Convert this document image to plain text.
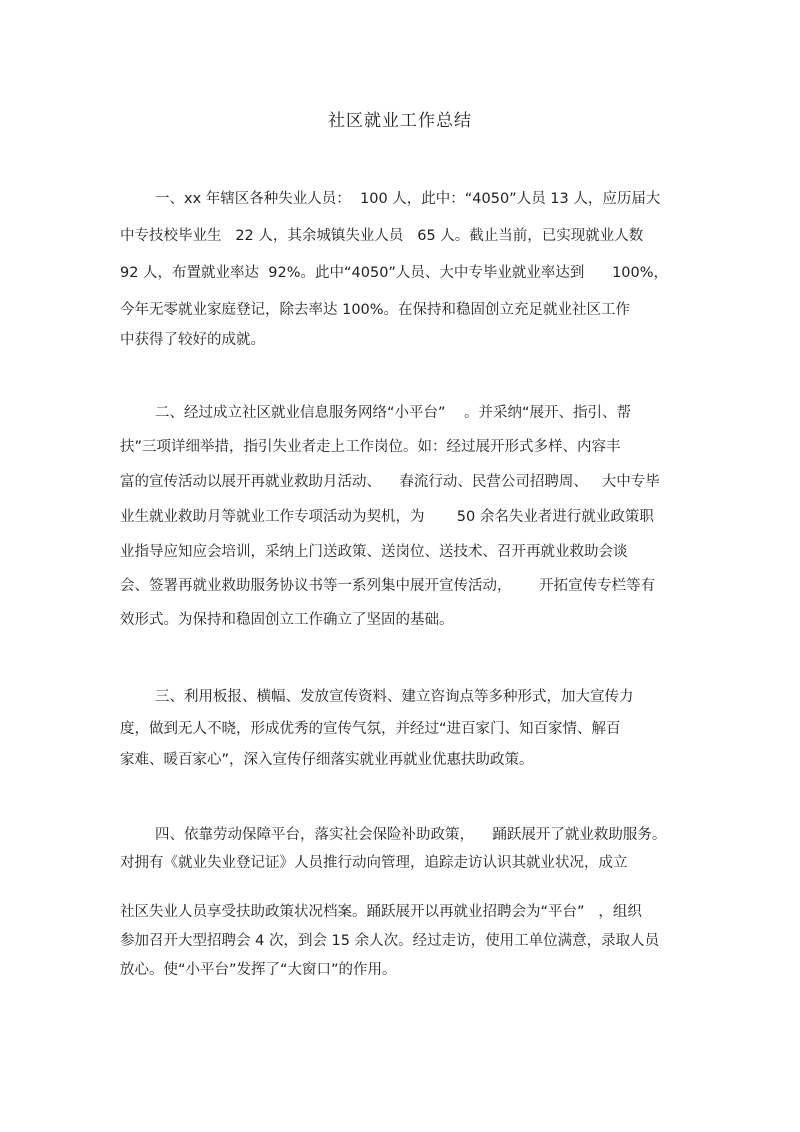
社区就业工作总结
一、xx 年辖区各种失业人员：  100 人，此中：“4050”人员 13 人，应历届大
中专技校毕业生   22 人，其余城镇失业人员   65 人。截止当前，已实现就业人数
92 人，布置就业率达  92%。此中“4050”人员、大中专毕业就业率达到      100%，
今年无零就业家庭登记，除去率达 100%。在保持和稳固创立充足就业社区工作
中获得了较好的成就。
二、经过成立社区就业信息服务网络“小平台”    。并采纳“展开、指引、帮
扶”三项详细举措，指引失业者走上工作岗位。如：经过展开形式多样、内容丰
富的宣传活动以展开再就业救助月活动、    春流行动、民营公司招聘周、   大中专毕
业生就业救助月等就业工作专项活动为契机，为       50 余名失业者进行就业政策职
业指导应知应会培训，采纳上门送政策、送岗位、送技术、召开再就业救助会谈
会、签署再就业救助服务协议书等一系列集中展开宣传活动，      开拓宣传专栏等有
效形式。为保持和稳固创立工作确立了坚固的基础。
三、利用板报、横幅、发放宣传资料、建立咨询点等多种形式，加大宣传力
度，做到无人不晓，形成优秀的宣传气氛，并经过“进百家门、知百家情、解百
家难、暖百家心”，深入宣传仔细落实就业再就业优惠扶助政策。
四、依靠劳动保障平台，落实社会保险补助政策，    踊跃展开了就业救助服务。
对拥有《就业失业登记证》人员推行动向管理，追踪走访认识其就业状况，成立
社区失业人员享受扶助政策状况档案。踊跃展开以再就业招聘会为“平台”   ，组织
参加召开大型招聘会 4 次，到会 15 余人次。经过走访，使用工单位满意，录取人员
放心。使“小平台”发挥了“大窗口”的作用。
